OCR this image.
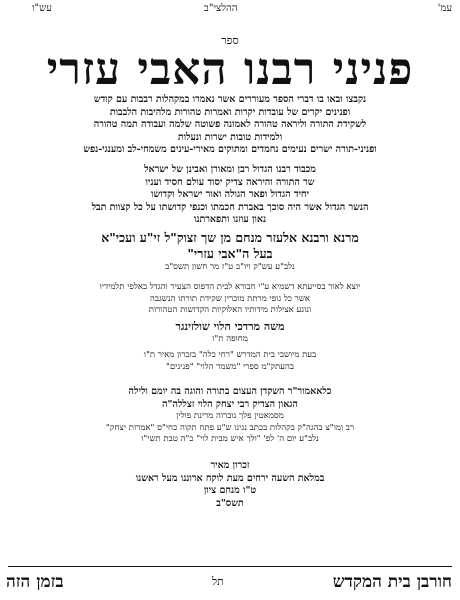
עמ'
ההלצי"ב
עש"ו
ספר
פניני רבנו האבי עזרי
נקבצו ובאו בו דברי הספר מעוררים אשר נאמרו במקהלות רבבות עם קודש
ופנינים יקרים של עובדות יקרות ואמרות טהורות מלהיבות הלבבות
לשקידת התורה וליראה טהורה לאמונה פשוטה שלמה ועבודה תמה טהורה
ולמידות טובות ישרות ונעלות
ופניני-תורה ישרים נעימים נחמדים ומתוקים מאירי-עינים משמחי-לב ומענגי-נפש
מכבוד רבנו הגדול רבן ומאורן ואבינן של ישראל
שר התורה והיראה צדיק יסוד עולם חסיד ועניו
יחיד הגדול ופאר הגולה ואור ישראל וקדושו
הנשר הגדול אשר היה סוכך באברת חכמתו וכנפי קדושתו על כל קצוות תבל
נאון עוזנו ותפארתנו
מרנא ורבנא אלעזר מנחם מן שך זצוק"ל זי"ע ועכי"א
בעל ה"אבי עזרי"
נלב"ע עש"ק ויו"ב ט"ז מר חשון תשס"ב
יוצא לאור בסייעתא דשמיא ע"י חבורא לבית הדפוס הצעיר והגדל באלפי תלמידיו
אשר כל גופי מרתת מוכרין שקידת תורתו הנשגבה
ונוגע אצילות מידותיו האלוקיות הקדושות הטהורות
משה מרדכי הלוי שולזינגר
מחופה ת"ו
בעת מיושבי בית המדרש "רחי כלה" בזכרון מאיר ת"ו
בהעתק"מ ספרי "משמר הלוי" "פנינים"
כלאאמור"ר השקדן העצום בתורה והוגה בה יומם ולילה
הגאון הצדיק רבי יצחק הלוי זצללה"ה
מסמאטין פלך נוברוה מרינת פולין
רב ומו"צ בהגה"ק בקהלות בכתב נגינו ש"ע פתח תקוה כחי"ס "אמרות יצחק"
נלב"ע יום ה' לפ' "ולך איש מבית לוי" כ"ה טבת תשי"ו
זכרון מאיר
במלאת השעה ירחים מעת לוקח ארוננו מעל ראשנו
ט"ו מנחם ציון
תשס"ב
חורבן בית המקדש
תל
בזמן הזה
